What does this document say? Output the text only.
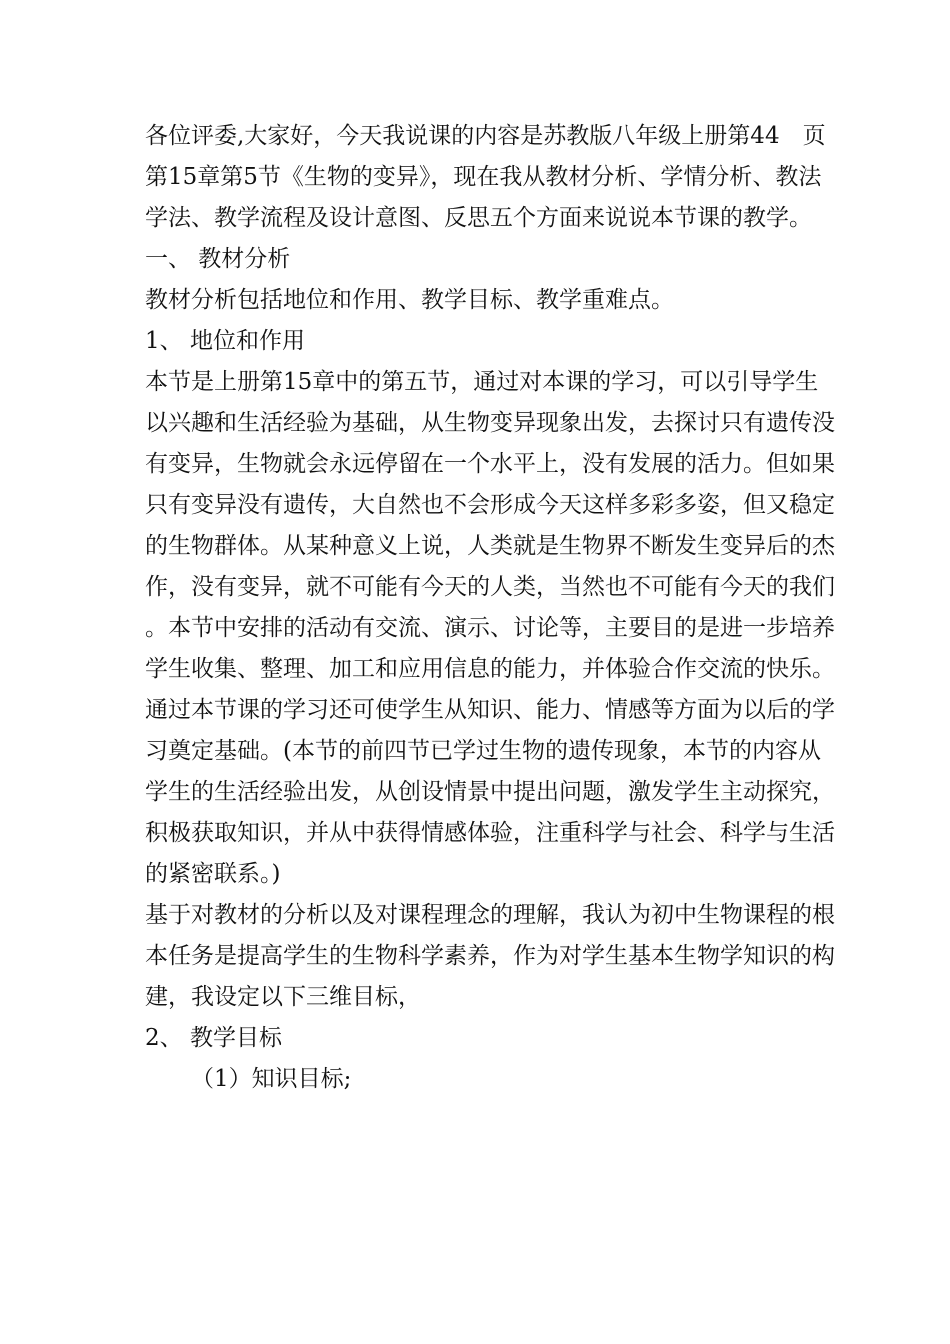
各位评委,大家好，今天我说课的内容是苏教版八年级上册第44　页第15章第5节《生物的变异》，现在我从教材分析、学情分析、教法学法、教学流程及设计意图、反思五个方面来说说本节课的教学。

一、 教材分析

教材分析包括地位和作用、教学目标、教学重难点。

1、 地位和作用

本节是上册第15章中的第五节，通过对本课的学习，可以引导学生以兴趣和生活经验为基础，从生物变异现象出发，去探讨只有遗传没有变异，生物就会永远停留在一个水平上，没有发展的活力。但如果只有变异没有遗传，大自然也不会形成今天这样多彩多姿，但又稳定的生物群体。从某种意义上说，人类就是生物界不断发生变异后的杰作，没有变异，就不可能有今天的人类，当然也不可能有今天的我们。本节中安排的活动有交流、演示、讨论等，主要目的是进一步培养学生收集、整理、加工和应用信息的能力，并体验合作交流的快乐。通过本节课的学习还可使学生从知识、能力、情感等方面为以后的学习奠定基础。(本节的前四节已学过生物的遗传现象，本节的内容从学生的生活经验出发，从创设情景中提出问题，激发学生主动探究，积极获取知识，并从中获得情感体验，注重科学与社会、科学与生活的紧密联系。)

基于对教材的分析以及对课程理念的理解，我认为初中生物课程的根本任务是提高学生的生物科学素养，作为对学生基本生物学知识的构建，我设定以下三维目标，

2、 教学目标

（1）知识目标;
